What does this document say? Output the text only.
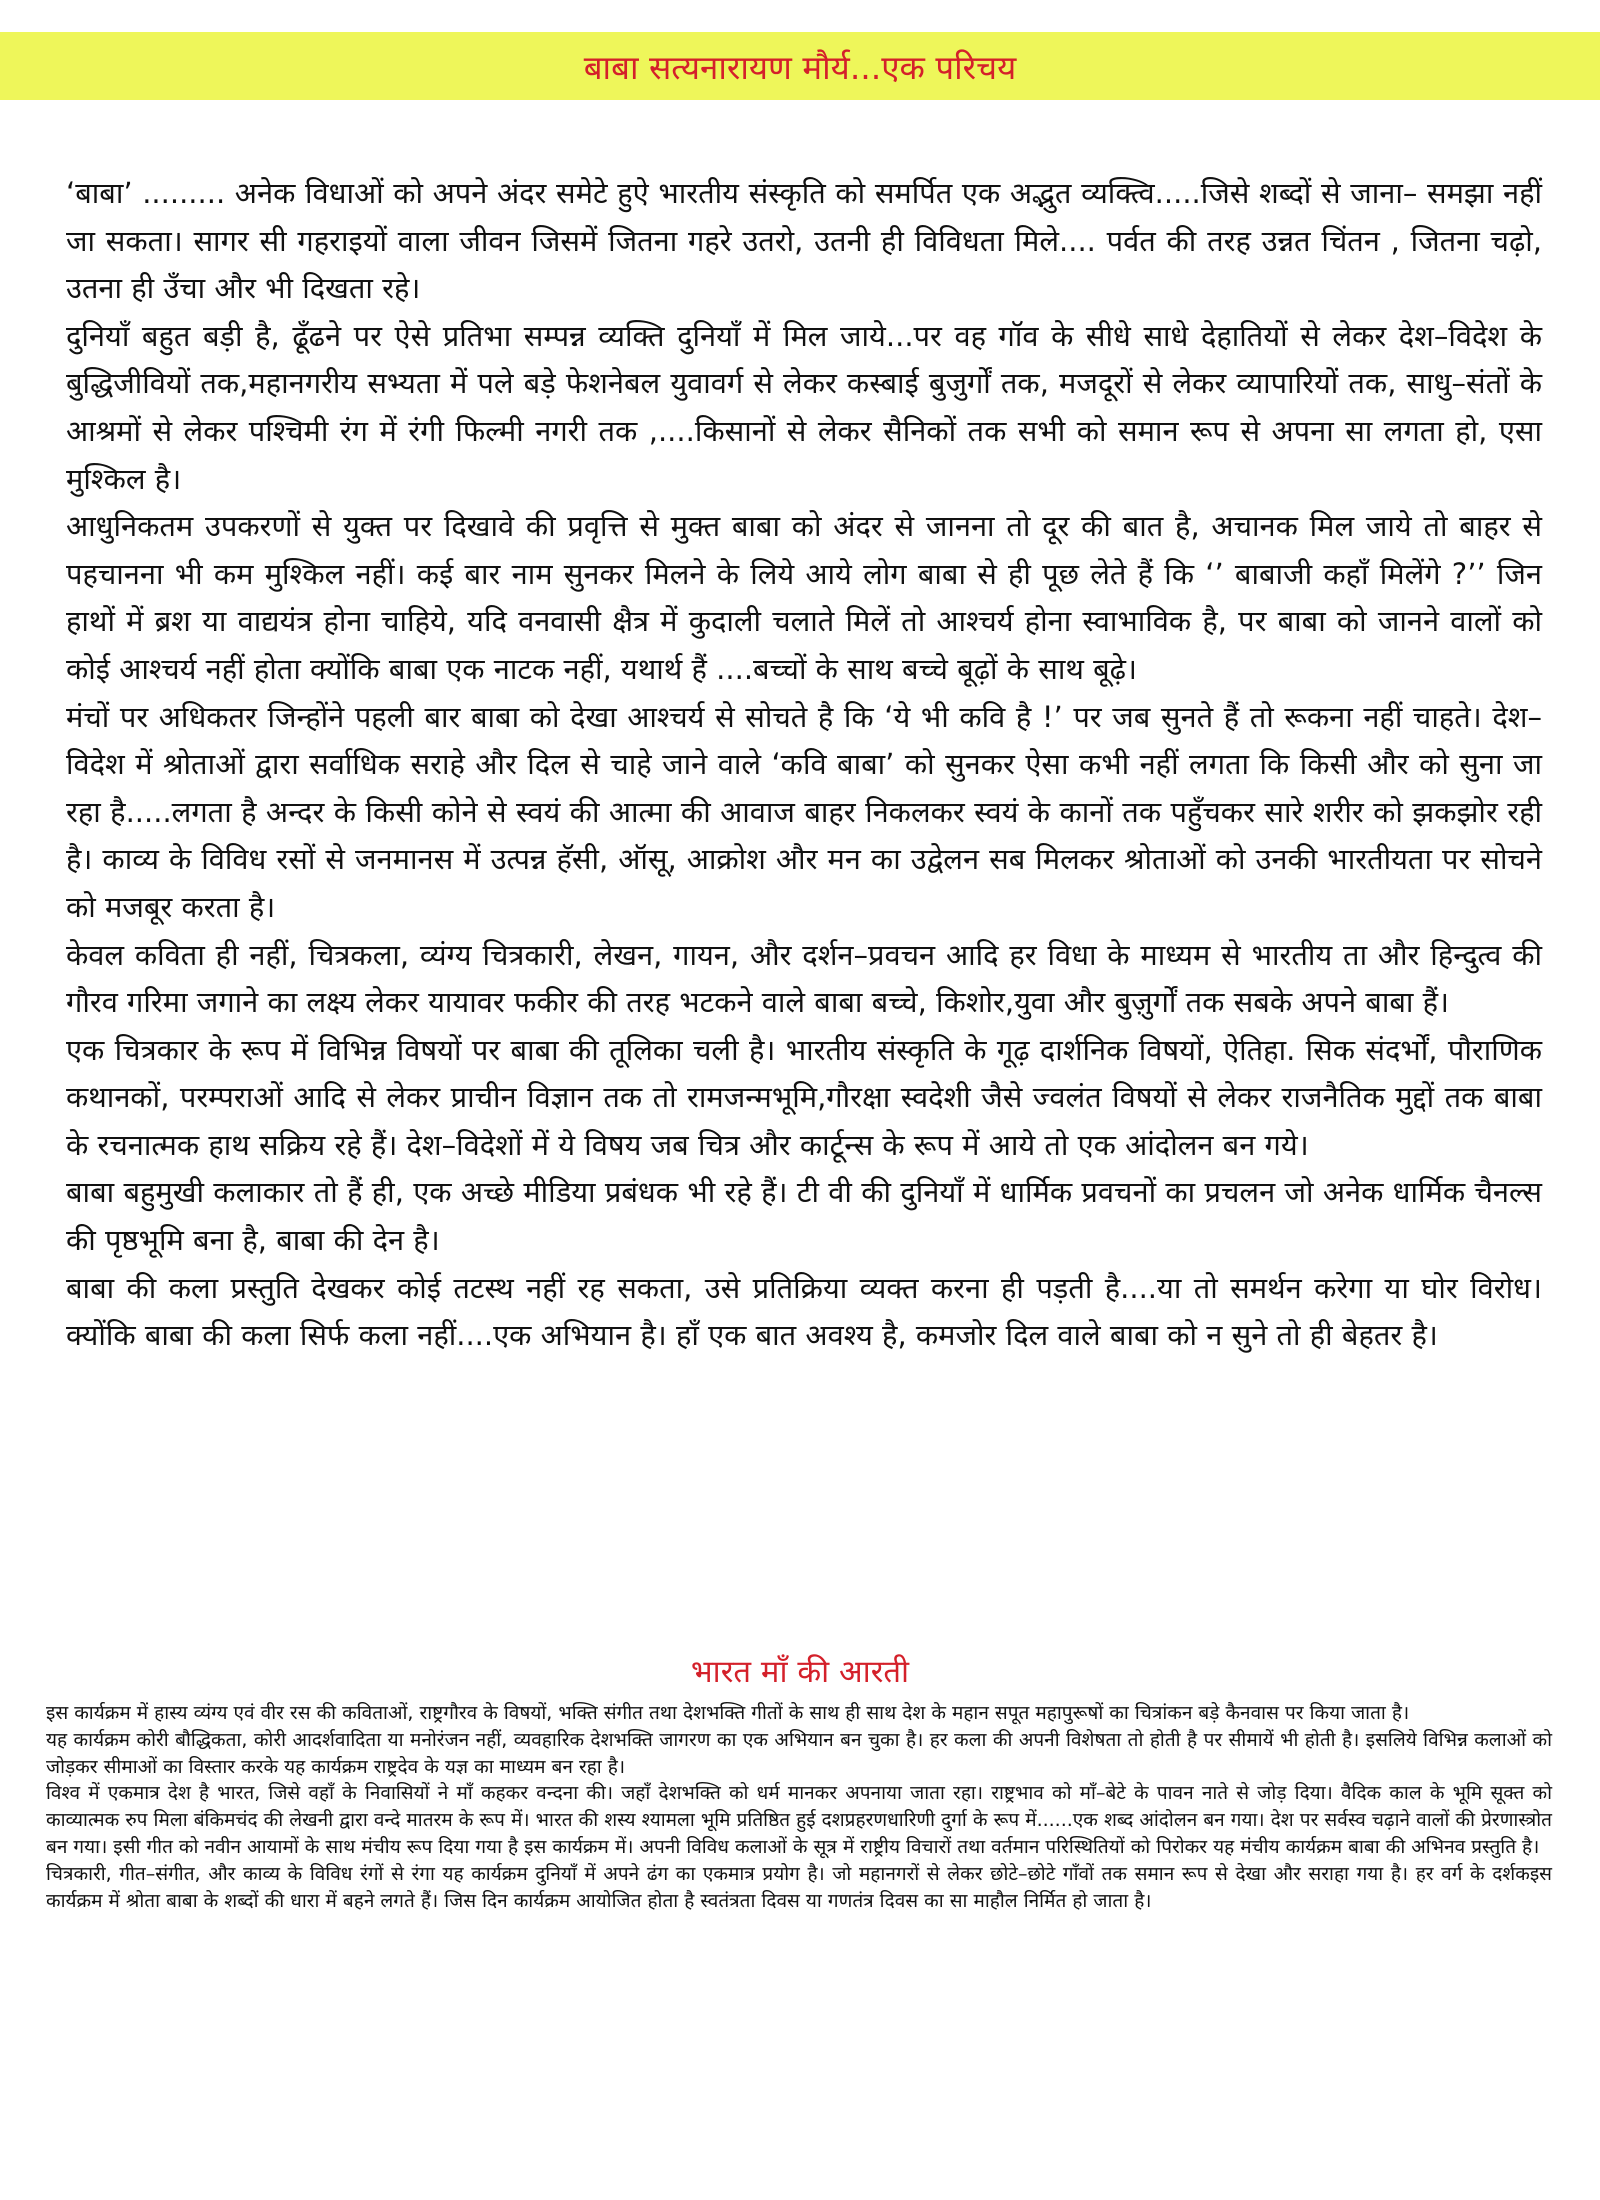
बाबा सत्यनारायण मौर्य...एक परिचय

‘बाबा’ ......... अनेक विधाओं को अपने अंदर समेटे हुऐ भारतीय संस्कृति को समर्पित एक अद्भुत व्यक्त्वि.....जिसे शब्दों से जाना– समझा नहीं जा सकता। सागर सी गहराइयों वाला जीवन जिसमें जितना गहरे उतरो, उतनी ही विविधता मिले.... पर्वत की तरह उन्नत चिंतन , जितना चढ़ो, उतना ही उँचा और भी दिखता रहे।

दुनियॉं बहुत बड़ी है, ढूँढने पर ऐसे प्रतिभा सम्पन्न व्यक्ति दुनियॉं में मिल जाये...पर वह गॉव के सीधे साधे देहातियों से लेकर देश–विदेश के बुद्धिजीवियों तक,महानगरीय सभ्यता में पले बड़े फेशनेबल युवावर्ग से लेकर कस्बाई बुजुर्गों तक, मजदूरों से लेकर व्यापारियों तक, साधु–संतों के आश्रमों से लेकर पश्चिमी रंग में रंगी फिल्मी नगरी तक ,....किसानों से लेकर सैनिकों तक सभी को समान रूप से अपना सा लगता हो, एसा मुश्किल है।

आधुनिकतम उपकरणों से युक्त पर दिखावे की प्रवृत्ति से मुक्त बाबा को अंदर से जानना तो दूर की बात है, अचानक मिल जाये तो बाहर से पहचानना भी कम मुश्किल नहीं। कई बार नाम सुनकर मिलने के लिये आये लोग बाबा से ही पूछ लेते हैं कि ‘’ बाबाजी कहॉं मिलेंगे ?’’ जिन हाथों में ब्रश या वाद्ययंत्र होना चाहिये, यदि वनवासी क्षैत्र में कुदाली चलाते मिलें तो आश्चर्य होना स्वाभाविक है, पर बाबा को जानने वालों को कोई आश्चर्य नहीं होता क्योंकि बाबा एक नाटक नहीं, यथार्थ हैं ....बच्चों के साथ बच्चे बूढ़ों के साथ बूढ़े।

मंचों पर अधिकतर जिन्होंने पहली बार बाबा को देखा आश्चर्य से सोचते है कि ‘ये भी कवि है !’ पर जब सुनते हैं तो रूकना नहीं चाहते। देश–विदेश में श्रोताओं द्वारा सर्वाधिक सराहे और दिल से चाहे जाने वाले ‘कवि बाबा’ को सुनकर ऐसा कभी नहीं लगता कि किसी और को सुना जा रहा है.....लगता है अन्दर के किसी कोने से स्वयं की आत्मा की आवाज बाहर निकलकर स्वयं के कानों तक पहुँचकर सारे शरीर को झकझोर रही है। काव्य के विविध रसों से जनमानस में उत्पन्न हॅसी, ऑसू, आक्रोश और मन का उद्वेलन सब मिलकर श्रोताओं को उनकी भारतीयता पर सोचने को मजबूर करता है।

केवल कविता ही नहीं, चित्रकला, व्यंग्य चित्रकारी, लेखन, गायन, और दर्शन–प्रवचन आदि हर विधा के माध्यम से भारतीय ता और हिन्दुत्व की गौरव गरिमा जगाने का लक्ष्य लेकर यायावर फकीर की तरह भटकने वाले बाबा बच्चे, किशोर,युवा और बुज़ुर्गों तक सबके अपने बाबा हैं।

एक चित्रकार के रूप में विभिन्न विषयों पर बाबा की तूलिका चली है। भारतीय संस्कृति के गूढ़ दार्शनिक विषयों, ऐतिहा. सिक संदर्भों, पौराणिक कथानकों, परम्पराओं आदि से लेकर प्राचीन विज्ञान तक तो रामजन्मभूमि,गौरक्षा स्वदेशी जैसे ज्वलंत विषयों से लेकर राजनैतिक मुद्दों तक बाबा के रचनात्मक हाथ सक्रिय रहे हैं। देश–विदेशों में ये विषय जब चित्र और कार्टून्स के रूप में आये तो एक आंदोलन बन गये।

बाबा बहुमुखी कलाकार तो हैं ही, एक अच्छे मीडिया प्रबंधक भी रहे हैं। टी वी की दुनियॉं में धार्मिक प्रवचनों का प्रचलन जो अनेक धार्मिक चैनल्स की पृष्ठभूमि बना है, बाबा की देन है।

बाबा की कला प्रस्तुति देखकर कोई तटस्थ नहीं रह सकता, उसे प्रतिक्रिया व्यक्त करना ही पड़ती है....या तो समर्थन करेगा या घोर विरोध। क्योंकि बाबा की कला सिर्फ कला नहीं....एक अभियान है। हॉं एक बात अवश्य है, कमजोर दिल वाले बाबा को न सुने तो ही बेहतर है।

भारत मॉं की आरती

इस कार्यक्रम में हास्य व्यंग्य एवं वीर रस की कविताओं, राष्ट्रगौरव के विषयों, भक्ति संगीत तथा देशभक्ति गीतों के साथ ही साथ देश के महान सपूत महापुरूषों का चित्रांकन बड़े कैनवास पर किया जाता है।

यह कार्यक्रम कोरी बौद्धिकता, कोरी आदर्शवादिता या मनोरंजन नहीं, व्यवहारिक देशभक्ति जागरण का एक अभियान बन चुका है। हर कला की अपनी विशेषता तो होती है पर सीमायें भी होती है। इसलिये विभिन्न कलाओं को जोड़कर सीमाओं का विस्तार करके यह कार्यक्रम राष्ट्रदेव के यज्ञ का माध्यम बन रहा है।

विश्व में एकमात्र देश है भारत, जिसे वहॉं के निवासियों ने मॉं कहकर वन्दना की। जहॉं देशभक्ति को धर्म मानकर अपनाया जाता रहा। राष्ट्रभाव को मॉं–बेटे के पावन नाते से जोड़ दिया। वैदिक काल के भूमि सूक्त को काव्यात्मक रुप मिला बंकिमचंद की लेखनी द्वारा वन्दे मातरम के रूप में। भारत की शस्य श्यामला भूमि प्रतिष्ठित हुई दशप्रहरणधारिणी दुर्गा के रूप में......एक शब्द आंदोलन बन गया। देश पर सर्वस्व चढ़ाने वालों की प्रेरणास्त्रोत बन गया। इसी गीत को नवीन आयामों के साथ मंचीय रूप दिया गया है इस कार्यक्रम में। अपनी विविध कलाओं के सूत्र में राष्ट्रीय विचारों तथा वर्तमान परिस्थितियों को पिरोकर यह मंचीय कार्यक्रम बाबा की अभिनव प्रस्तुति है।

चित्रकारी, गीत–संगीत, और काव्य के विविध रंगों से रंगा यह कार्यक्रम दुनियॉं में अपने ढंग का एकमात्र प्रयोग है। जो महानगरों से लेकर छोटे–छोटे गॉंवों तक समान रूप से देखा और सराहा गया है। हर वर्ग के दर्शकइस कार्यक्रम में श्रोता बाबा के शब्दों की धारा में बहने लगते हैं। जिस दिन कार्यक्रम आयोजित होता है स्वतंत्रता दिवस या गणतंत्र दिवस का सा माहौल निर्मित हो जाता है।
